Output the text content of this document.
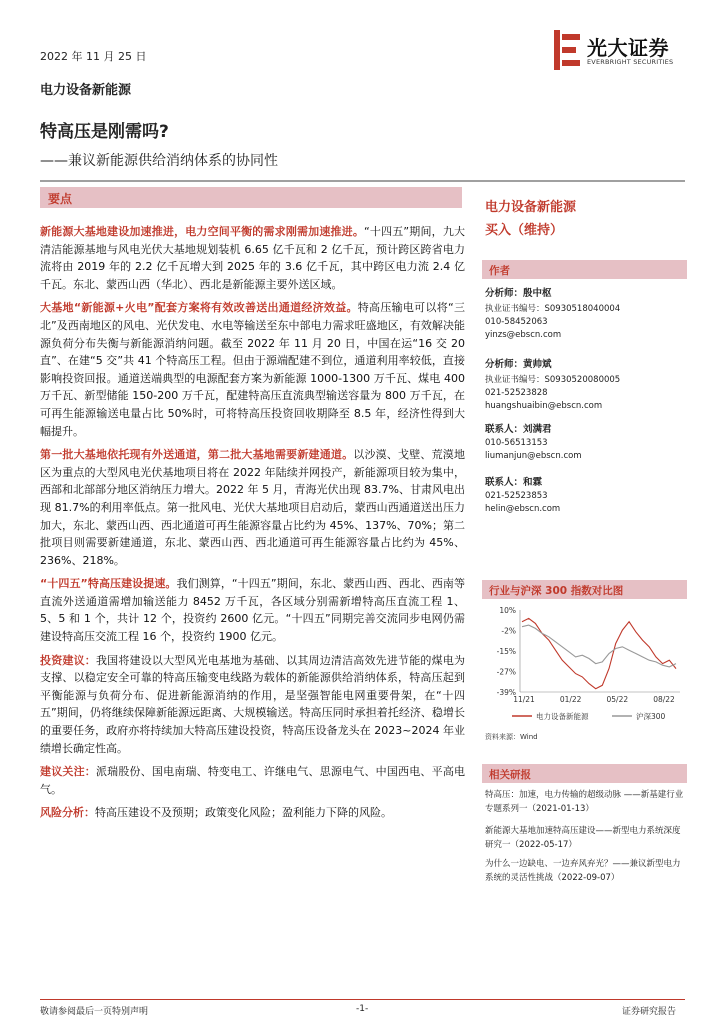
2022 年 11 月 25 日
电力设备新能源
特高压是刚需吗?
——兼议新能源供给消纳体系的协同性
光大证券
EVERBRIGHT SECURITIES
要点

新能源大基地建设加速推进，电力空间平衡的需求刚需加速推进。“十四五”期间，九大清洁能源基地与风电光伏大基地规划装机 6.65 亿千瓦和 2 亿千瓦，预计跨区跨省电力流将由 2019 年的 2.2 亿千瓦增大到 2025 年的 3.6 亿千瓦，其中跨区电力流 2.4 亿千瓦。东北、蒙西山西（华北）、西北是新能源主要外送区域。

大基地“新能源+火电”配套方案将有效改善送出通道经济效益。特高压输电可以将“三北”及西南地区的风电、光伏发电、水电等输送至东中部电力需求旺盛地区，有效解决能源负荷分布失衡与新能源消纳问题。截至 2022 年 11 月 20 日，中国在运“16 交 20 直”、在建“5 交”共 41 个特高压工程。但由于源端配建不到位，通道利用率较低，直接影响投资回报。通道送端典型的电源配套方案为新能源 1000-1300 万千瓦、煤电 400 万千瓦、新型储能 150-200 万千瓦，配建特高压直流典型输送容量为 800 万千瓦，在可再生能源输送电量占比 50%时，可将特高压投资回收期降至 8.5 年，经济性得到大幅提升。

第一批大基地依托现有外送通道，第二批大基地需要新建通道。以沙漠、戈壁、荒漠地区为重点的大型风电光伏基地项目将在 2022 年陆续并网投产，新能源项目较为集中，西部和北部部分地区消纳压力增大。2022 年 5 月，青海光伏出现 83.7%、甘肃风电出现 81.7%的利用率低点。第一批风电、光伏大基地项目启动后，蒙西山西通道送出压力加大，东北、蒙西山西、西北通道可再生能源容量占比约为 45%、137%、70%；第二批项目则需要新建通道，东北、蒙西山西、西北通道可再生能源容量占比约为 45%、236%、218%。

“十四五”特高压建设提速。我们测算，“十四五”期间，东北、蒙西山西、西北、西南等直流外送通道需增加输送能力 8452 万千瓦，各区域分别需新增特高压直流工程 1、5、5 和 1 个，共计 12 个，投资约 2600 亿元。“十四五”同期完善交流同步电网仍需建设特高压交流工程 16 个，投资约 1900 亿元。

投资建议：我国将建设以大型风光电基地为基础、以其周边清洁高效先进节能的煤电为支撑、以稳定安全可靠的特高压输变电线路为载体的新能源供给消纳体系，特高压起到平衡能源与负荷分布、促进新能源消纳的作用，是坚强智能电网重要骨架，在“十四五”期间，仍将继续保障新能源远距离、大规模输送。特高压同时承担着托经济、稳增长的重要任务，政府亦将持续加大特高压建设投资，特高压设备龙头在 2023~2024 年业绩增长确定性高。

建议关注：派瑞股份、国电南瑞、特变电工、许继电气、思源电气、中国西电、平高电气。

风险分析：特高压建设不及预期；政策变化风险；盈利能力下降的风险。

电力设备新能源
买入（维持）
作者
分析师：殷中枢
执业证书编号：S0930518040004
010-58452063
yinzs@ebscn.com
分析师：黄帅斌
执业证书编号：S0930520080005
021-52523828
huangshuaibin@ebscn.com
联系人：刘满君
010-56513153
liumanjun@ebscn.com
联系人：和霖
021-52523853
helin@ebscn.com
行业与沪深 300 指数对比图
10%
-2%
-15%
-27%
-39%
11/21	01/22	05/22	08/22
电力设备新能源	沪深300
资料来源：Wind
相关研报
特高压：加速，电力传输的超级动脉 ——新基建行业专题系列一（2021-01-13）
新能源大基地加速特高压建设——新型电力系统深度研究一（2022-05-17）
为什么一边缺电、一边弃风弃光？——兼议新型电力系统的灵活性挑战（2022-09-07）
敬请参阅最后一页特别声明	-1-	证券研究报告
